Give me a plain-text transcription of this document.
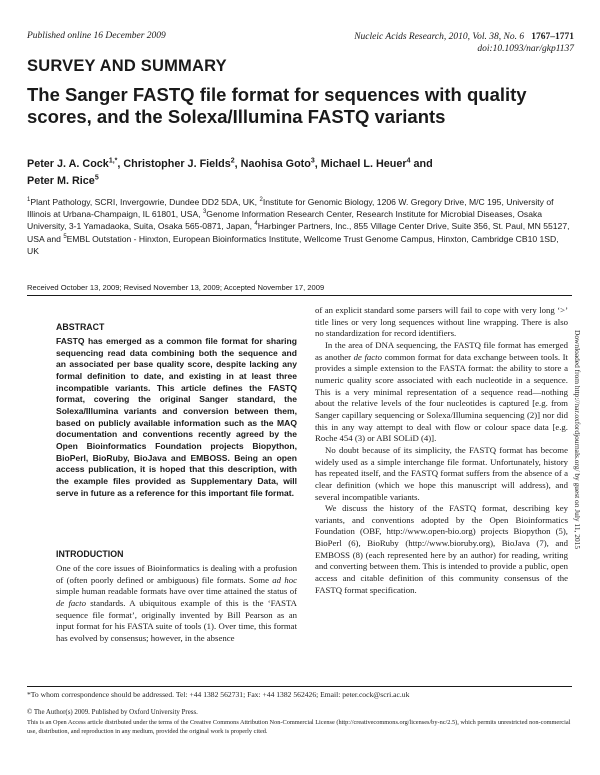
Published online 16 December 2009	Nucleic Acids Research, 2010, Vol. 38, No. 6 1767–1771
doi:10.1093/nar/gkp1137
SURVEY AND SUMMARY
The Sanger FASTQ file format for sequences with quality scores, and the Solexa/Illumina FASTQ variants
Peter J. A. Cock$^{1,*}$, Christopher J. Fields$^2$, Naohisa Goto$^3$, Michael L. Heuer$^4$ and
Peter M. Rice$^5$
$^1$Plant Pathology, SCRI, Invergowrie, Dundee DD2 5DA, UK, $^2$Institute for Genomic Biology, 1206 W. Gregory Drive, M/C 195, University of Illinois at Urbana-Champaign, IL 61801, USA, $^3$Genome Information Research Center, Research Institute for Microbial Diseases, Osaka University, 3-1 Yamadaoka, Suita, Osaka 565-0871, Japan, $^4$Harbinger Partners, Inc., 855 Village Center Drive, Suite 356, St. Paul, MN 55127, USA and $^5$EMBL Outstation - Hinxton, European Bioinformatics Institute, Wellcome Trust Genome Campus, Hinxton, Cambridge CB10 1SD, UK
Received October 13, 2009; Revised November 13, 2009; Accepted November 17, 2009
ABSTRACT
FASTQ has emerged as a common file format for sharing sequencing read data combining both the sequence and an associated per base quality score, despite lacking any formal definition to date, and existing in at least three incompatible variants. This article defines the FASTQ format, covering the original Sanger standard, the Solexa/Illumina variants and conversion between them, based on publicly available information such as the MAQ documentation and conventions recently agreed by the Open Bioinformatics Foundation projects Biopython, BioPerl, BioRuby, BioJava and EMBOSS. Being an open access publication, it is hoped that this description, with the example files provided as Supplementary Data, will serve in future as a reference for this important file format.
INTRODUCTION
One of the core issues of Bioinformatics is dealing with a profusion of (often poorly defined or ambiguous) file formats. Some ad hoc simple human readable formats have over time attained the status of de facto standards. A ubiquitous example of this is the ‘FASTA sequence file format’, originally invented by Bill Pearson as an input format for his FASTA suite of tools (1). Over time, this format has evolved by consensus; however, in the absence

of an explicit standard some parsers will fail to cope with very long ‘>’ title lines or very long sequences without line wrapping. There is also no standardization for record identifiers.

In the area of DNA sequencing, the FASTQ file format has emerged as another de facto common format for data exchange between tools. It provides a simple extension to the FASTA format: the ability to store a numeric quality score associated with each nucleotide in a sequence. This is a very minimal representation of a sequence read—nothing about the relative levels of the four nucleotides is captured [e.g. from Sanger capillary sequencing or Solexa/Illumina sequencing (2)] nor did this in any way attempt to deal with flow or colour space data [e.g. Roche 454 (3) or ABI SOLiD (4)].

No doubt because of its simplicity, the FASTQ format has become widely used as a simple interchange file format. Unfortunately, history has repeated itself, and the FASTQ format suffers from the absence of a clear definition (which we hope this manuscript will address), and several incompatible variants.

We discuss the history of the FASTQ format, describing key variants, and conventions adopted by the Open Bioinformatics Foundation (OBF, http://www.open-bio.org) projects Biopython (5), BioPerl (6), BioRuby (http://www.bioruby.org), BioJava (7), and EMBOSS (8) (each represented here by an author) for reading, writing and converting between them. This is intended to provide a public, open access and citable definition of this community consensus of the FASTQ format specification.

Downloaded from http://nar.oxfordjournals.org/ by guest on July 11, 2015
*To whom correspondence should be addressed. Tel: +44 1382 562731; Fax: +44 1382 562426; Email: peter.cock@scri.ac.uk
© The Author(s) 2009. Published by Oxford University Press.
This is an Open Access article distributed under the terms of the Creative Commons Attribution Non-Commercial License (http://creativecommons.org/licenses/by-nc/2.5), which permits unrestricted non-commercial use, distribution, and reproduction in any medium, provided the original work is properly cited.
